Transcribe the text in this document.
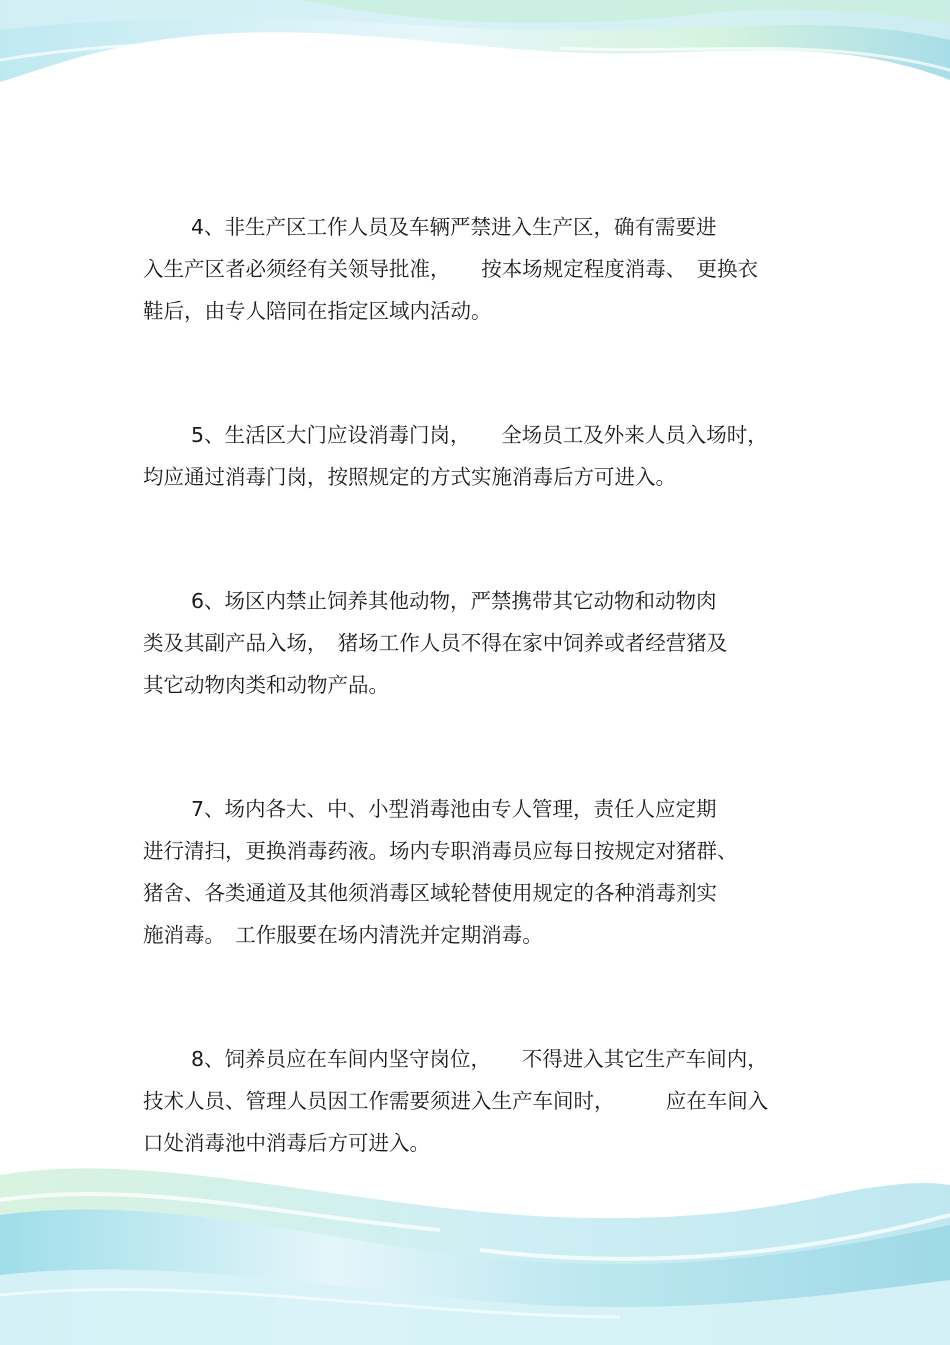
4、非生产区工作人员及车辆严禁进入生产区，确有需要进
入生产区者必须经有关领导批准，　　按本场规定程度消毒、　更换衣
鞋后，由专人陪同在指定区域内活动。
5、生活区大门应设消毒门岗，　　全场员工及外来人员入场时，
均应通过消毒门岗，按照规定的方式实施消毒后方可进入。
6、场区内禁止饲养其他动物，严禁携带其它动物和动物肉
类及其副产品入场，　猪场工作人员不得在家中饲养或者经营猪及
其它动物肉类和动物产品。
7、场内各大、中、小型消毒池由专人管理，责任人应定期
进行清扫，更换消毒药液。场内专职消毒员应每日按规定对猪群、
猪舍、各类通道及其他须消毒区域轮替使用规定的各种消毒剂实
施消毒。　工作服要在场内清洗并定期消毒。
8、饲养员应在车间内坚守岗位，　　不得进入其它生产车间内，
技术人员、管理人员因工作需要须进入生产车间时，　　　应在车间入
口处消毒池中消毒后方可进入。
